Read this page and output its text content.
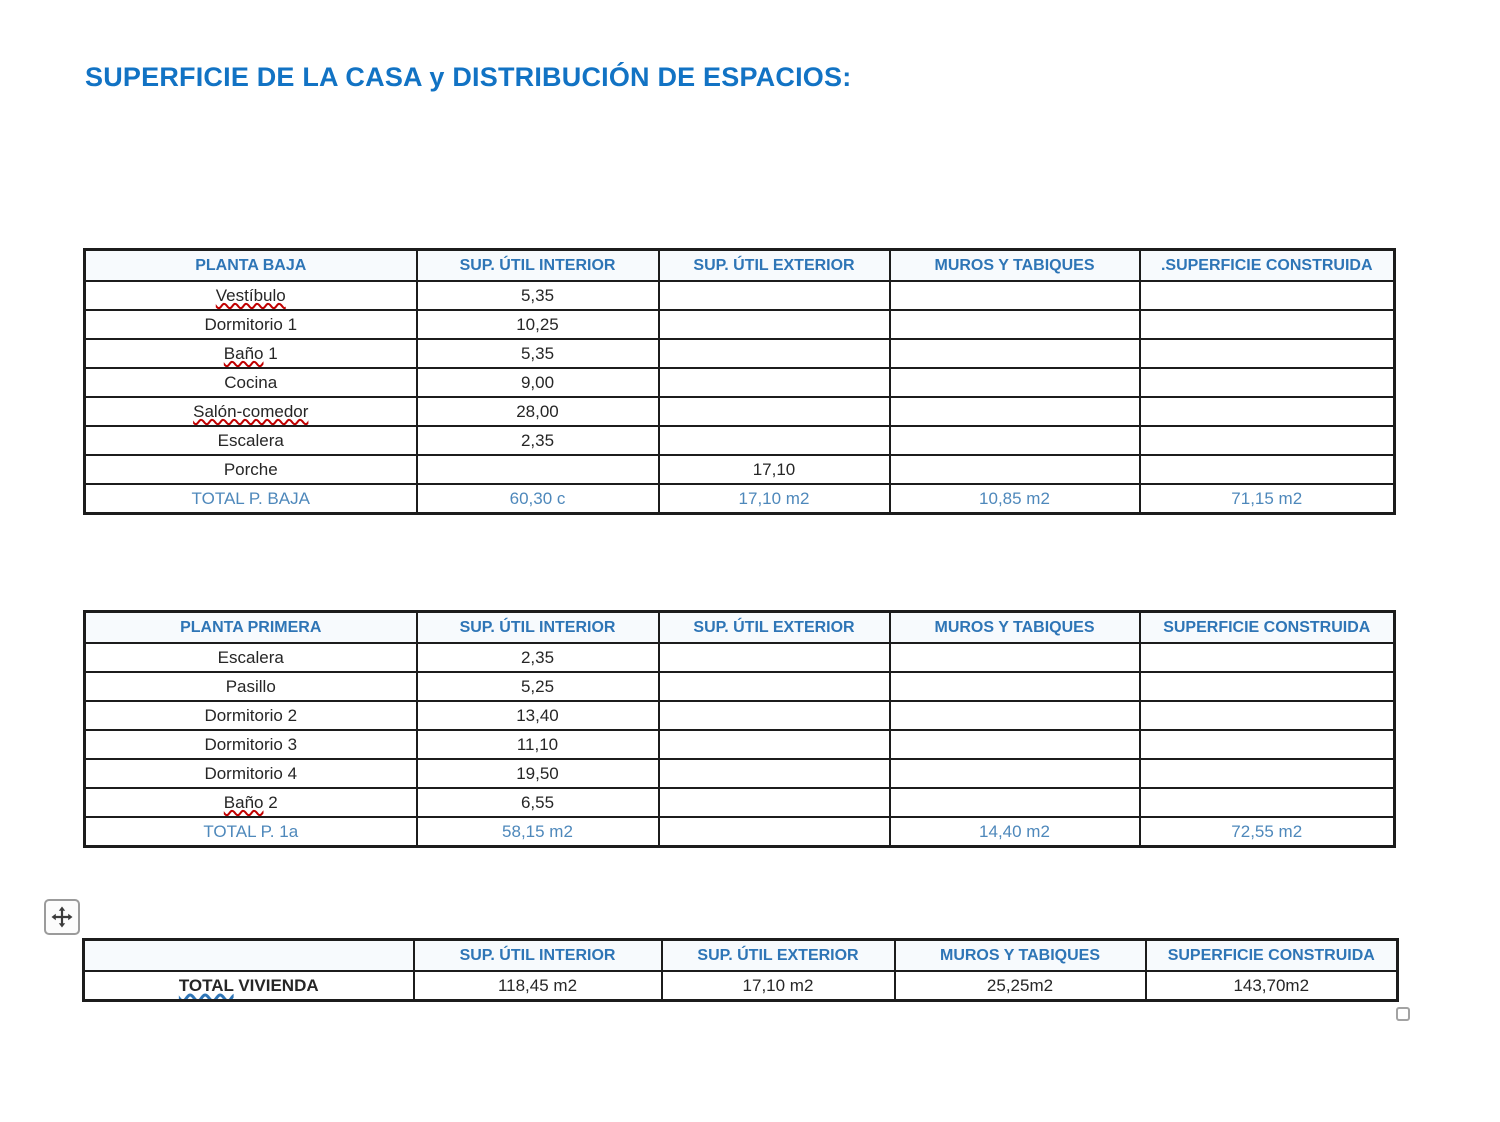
SUPERFICIE DE LA CASA y DISTRIBUCIÓN DE ESPACIOS:
PLANTA BAJA	SUP. ÚTIL INTERIOR	SUP. ÚTIL EXTERIOR	MUROS Y TABIQUES	.SUPERFICIE CONSTRUIDA
Vestíbulo	5,35			
Dormitorio 1	10,25			
Baño 1	5,35			
Cocina	9,00			
Salón-comedor	28,00			
Escalera	2,35			
Porche		17,10		
TOTAL P. BAJA	60,30 c	17,10 m2	10,85 m2	71,15 m2
PLANTA PRIMERA	SUP. ÚTIL INTERIOR	SUP. ÚTIL EXTERIOR	MUROS Y TABIQUES	SUPERFICIE CONSTRUIDA
Escalera	2,35			
Pasillo	5,25			
Dormitorio 2	13,40			
Dormitorio 3	11,10			
Dormitorio 4	19,50			
Baño 2	6,55			
TOTAL P. 1a	58,15 m2		14,40 m2	72,55 m2
	SUP. ÚTIL INTERIOR	SUP. ÚTIL EXTERIOR	MUROS Y TABIQUES	SUPERFICIE CONSTRUIDA
TOTAL VIVIENDA	118,45 m2	17,10 m2	25,25m2	143,70m2
